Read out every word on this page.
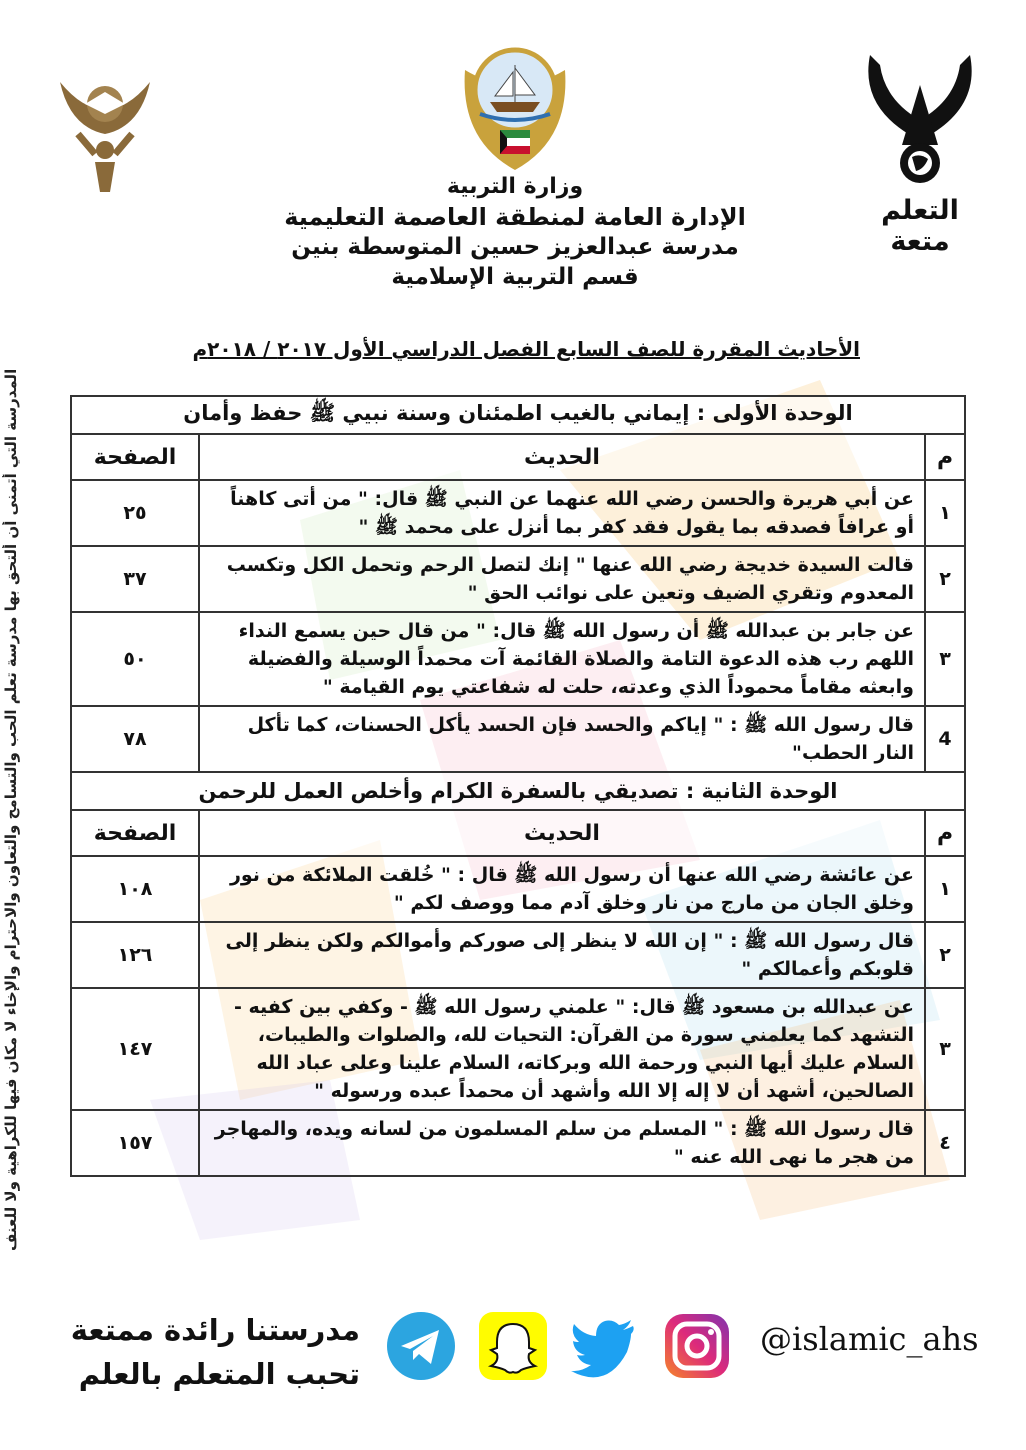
المدرسة التي أتمنى أن ألتحق بها مدرسة تعلم الحب والتسامح والتعاون والاحترام والإخاء لا مكان فيها للكراهية ولا للعنف
التعلم متعة
وزارة التربية
الإدارة العامة لمنطقة العاصمة التعليمية
مدرسة عبدالعزيز حسين المتوسطة بنين
قسم التربية الإسلامية
الأحاديث المقررة للصف السابع الفصل الدراسي الأول ٢٠١٧ / ٢٠١٨م
الوحدة الأولى : إيماني بالغيب اطمئنان وسنة نبيي ﷺ حفظ وأمان		
م	الحديث	الصفحة
١	عن أبي هريرة والحسن رضي الله عنهما عن النبي ﷺ قال: " من أتى كاهناً أو عرافاً فصدقه بما يقول فقد كفر بما أنزل على محمد ﷺ "	٢٥
٢	قالت السيدة خديجة رضي الله عنها " إنك لتصل الرحم وتحمل الكل وتكسب المعدوم وتقري الضيف وتعين على نوائب الحق "	٣٧
٣	عن جابر بن عبدالله ﷺ أن رسول الله ﷺ قال: " من قال حين يسمع النداء اللهم رب هذه الدعوة التامة والصلاة القائمة آت محمداً الوسيلة والفضيلة وابعثه مقاماً محموداً الذي وعدته، حلت له شفاعتي يوم القيامة "	٥٠
4	قال رسول الله ﷺ : " إياكم والحسد فإن الحسد يأكل الحسنات، كما تأكل النار الحطب"	٧٨
الوحدة الثانية : تصديقي بالسفرة الكرام وأخلص العمل للرحمن		
م	الحديث	الصفحة
١	عن عائشة رضي الله عنها أن رسول الله ﷺ قال : " خُلقت الملائكة من نور وخلق الجان من مارج من نار وخلق آدم مما ووصف لكم "	١٠٨
٢	قال رسول الله ﷺ : " إن الله لا ينظر إلى صوركم وأموالكم ولكن ينظر إلى قلوبكم وأعمالكم "	١٢٦
٣	عن عبدالله بن مسعود ﷺ قال: " علمني رسول الله ﷺ - وكفي بين كفيه - التشهد كما يعلمني سورة من القرآن: التحيات لله، والصلوات والطيبات، السلام عليك أيها النبي ورحمة الله وبركاته، السلام علينا وعلى عباد الله الصالحين، أشهد أن لا إله إلا الله وأشهد أن محمداً عبده ورسوله "	١٤٧
٤	قال رسول الله ﷺ : " المسلم من سلم المسلمون من لسانه ويده، والمهاجر من هجر ما نهى الله عنه "	١٥٧
مدرستنا رائدة ممتعة
تحبب المتعلم بالعلم
@islamic_ahs
